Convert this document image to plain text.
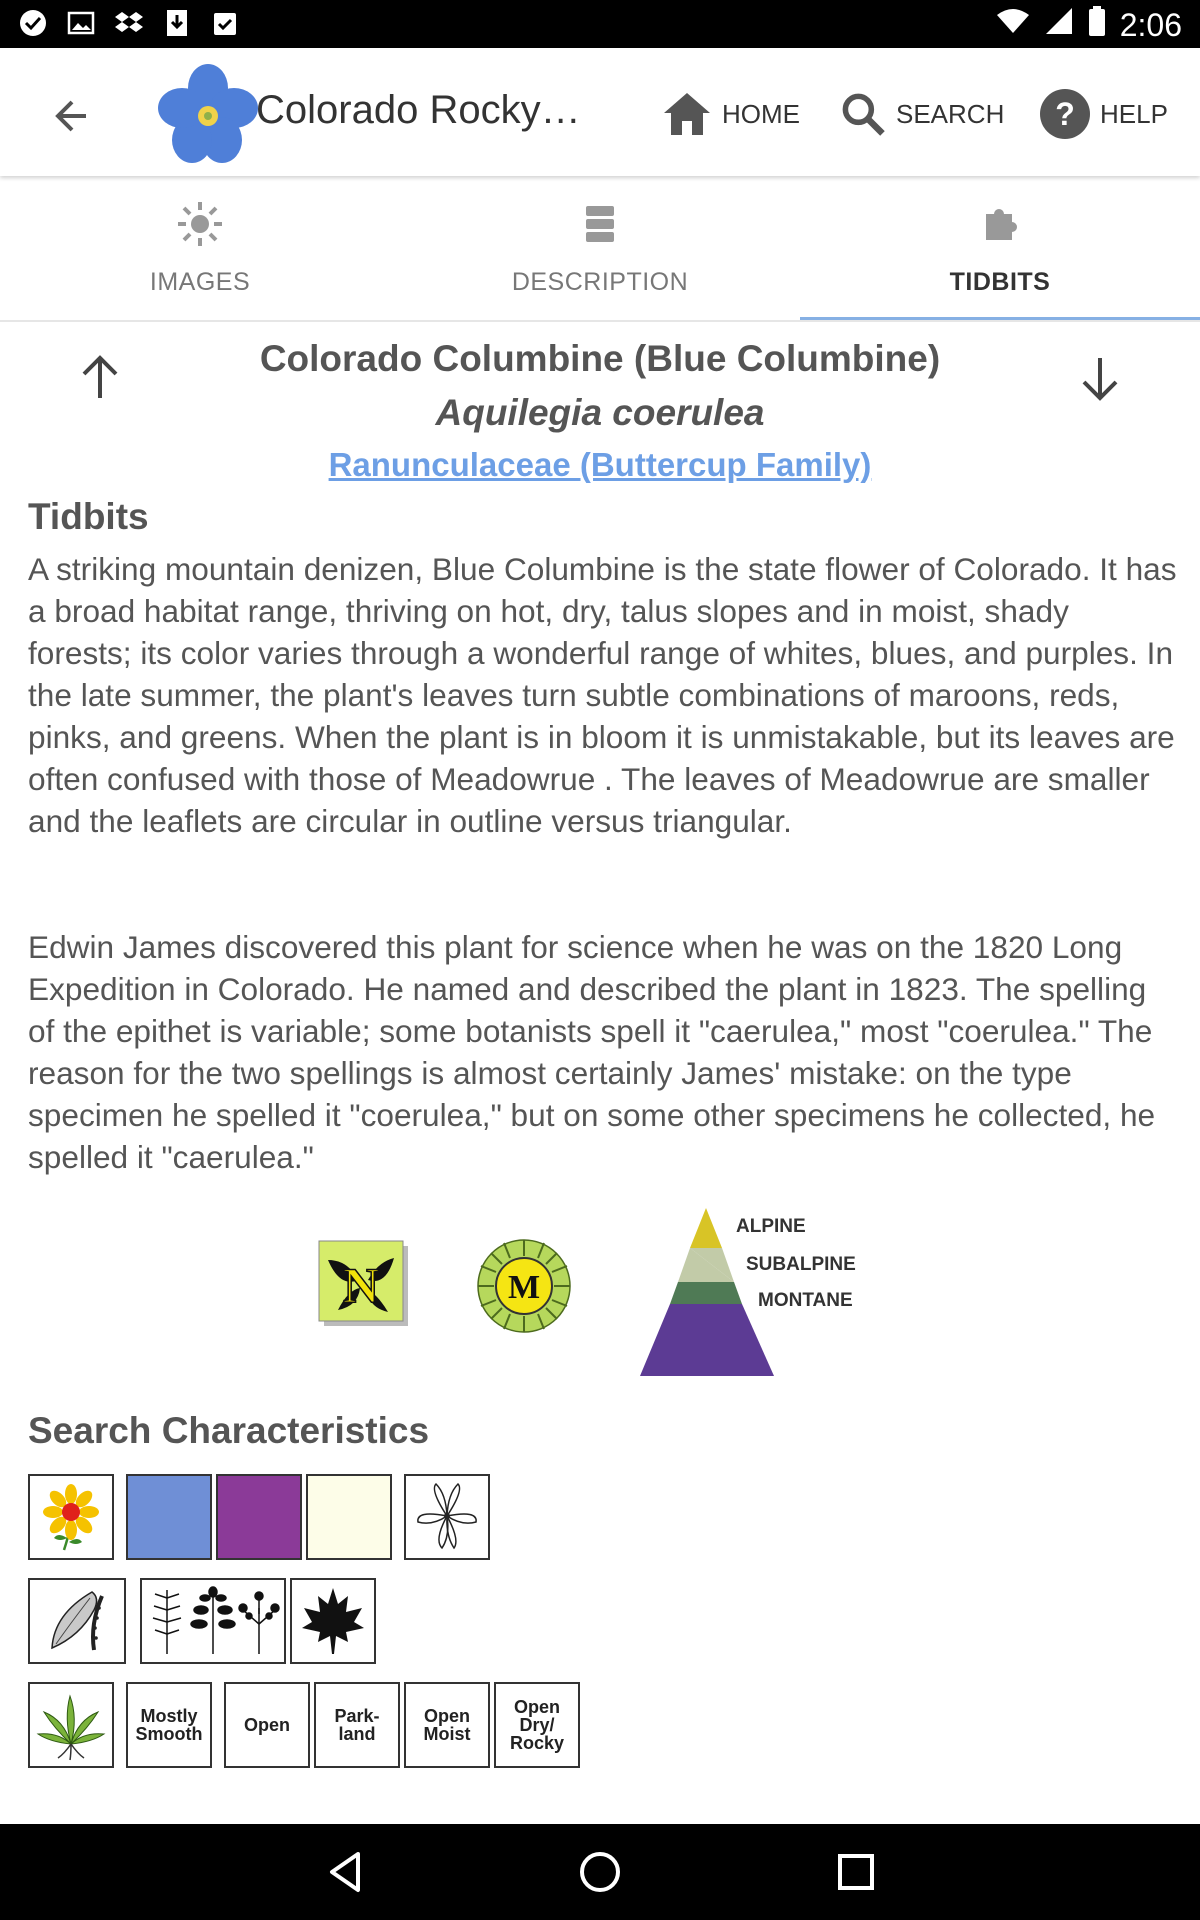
2:06
Colorado Rocky…	HOME	SEARCH ? HELP
IMAGES	DESCRIPTION	TIDBITS
Colorado Columbine (Blue Columbine)
Aquilegia coerulea
Ranunculaceae (Buttercup Family)
Tidbits
A striking mountain denizen, Blue Columbine is the state flower of Colorado. It has a broad habitat range, thriving on hot, dry, talus slopes and in moist, shady forests; its color varies through a wonderful range of whites, blues, and purples. In the late summer, the plant's leaves turn subtle combinations of maroons, reds, pinks, and greens. When the plant is in bloom it is unmistakable, but its leaves are often confused with those of Meadowrue . The leaves of Meadowrue are smaller and the leaflets are circular in outline versus triangular.
Edwin James discovered this plant for science when he was on the 1820 Long Expedition in Colorado. He named and described the plant in 1823. The spelling of the epithet is variable; some botanists spell it "caerulea," most "coerulea." The reason for the two spellings is almost certainly James' mistake: on the type specimen he spelled it "coerulea," but on some other specimens he collected, he spelled it "caerulea."
N	M
ALPINE
SUBALPINE
MONTANE
Search Characteristics
Mostly Smooth	Open	Park- land
Open Moist
Open Dry/ Rocky
